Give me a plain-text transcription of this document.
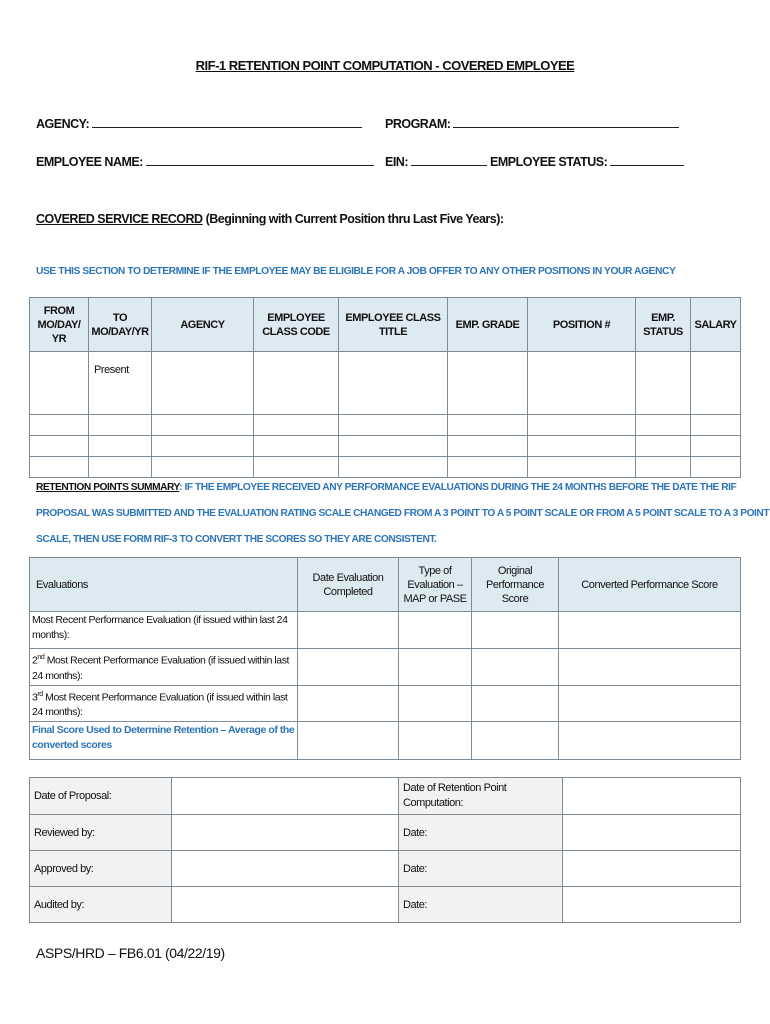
RIF-1 RETENTION POINT COMPUTATION - COVERED EMPLOYEE
AGENCY:	PROGRAM:
EMPLOYEE NAME:	EIN:	EMPLOYEE STATUS:
COVERED SERVICE RECORD (Beginning with Current Position thru Last Five Years):
USE THIS SECTION TO DETERMINE IF THE EMPLOYEE MAY BE ELIGIBLE FOR A JOB OFFER TO ANY OTHER POSITIONS IN YOUR AGENCY
FROM MO/DAY/ YR	TO MO/DAY/YR	AGENCY	EMPLOYEE CLASS CODE	EMPLOYEE CLASS TITLE	EMP. GRADE	POSITION #	EMP. STATUS	SALARY
	Present							

RETENTION POINTS SUMMARY: IF THE EMPLOYEE RECEIVED ANY PERFORMANCE EVALUATIONS DURING THE 24 MONTHS BEFORE THE DATE THE RIF
PROPOSAL WAS SUBMITTED AND THE EVALUATION RATING SCALE CHANGED FROM A 3 POINT TO A 5 POINT SCALE OR FROM A 5 POINT SCALE TO A 3 POINT
SCALE, THEN USE FORM RIF-3 TO CONVERT THE SCORES SO THEY ARE CONSISTENT.
Evaluations	Date Evaluation Completed	Type of Evaluation – MAP or PASE	Original Performance Score	Converted Performance Score
Most Recent Performance Evaluation (if issued within last 24 months):				
2nd Most Recent Performance Evaluation (if issued within last 24 months):				
3rd Most Recent Performance Evaluation (if issued within last 24 months):				
Final Score Used to Determine Retention – Average of the converted scores				
Date of Proposal:		Date of Retention Point Computation:	
Reviewed by:		Date:	
Approved by:		Date:	
Audited by:		Date:	
ASPS/HRD – FB6.01 (04/22/19)
